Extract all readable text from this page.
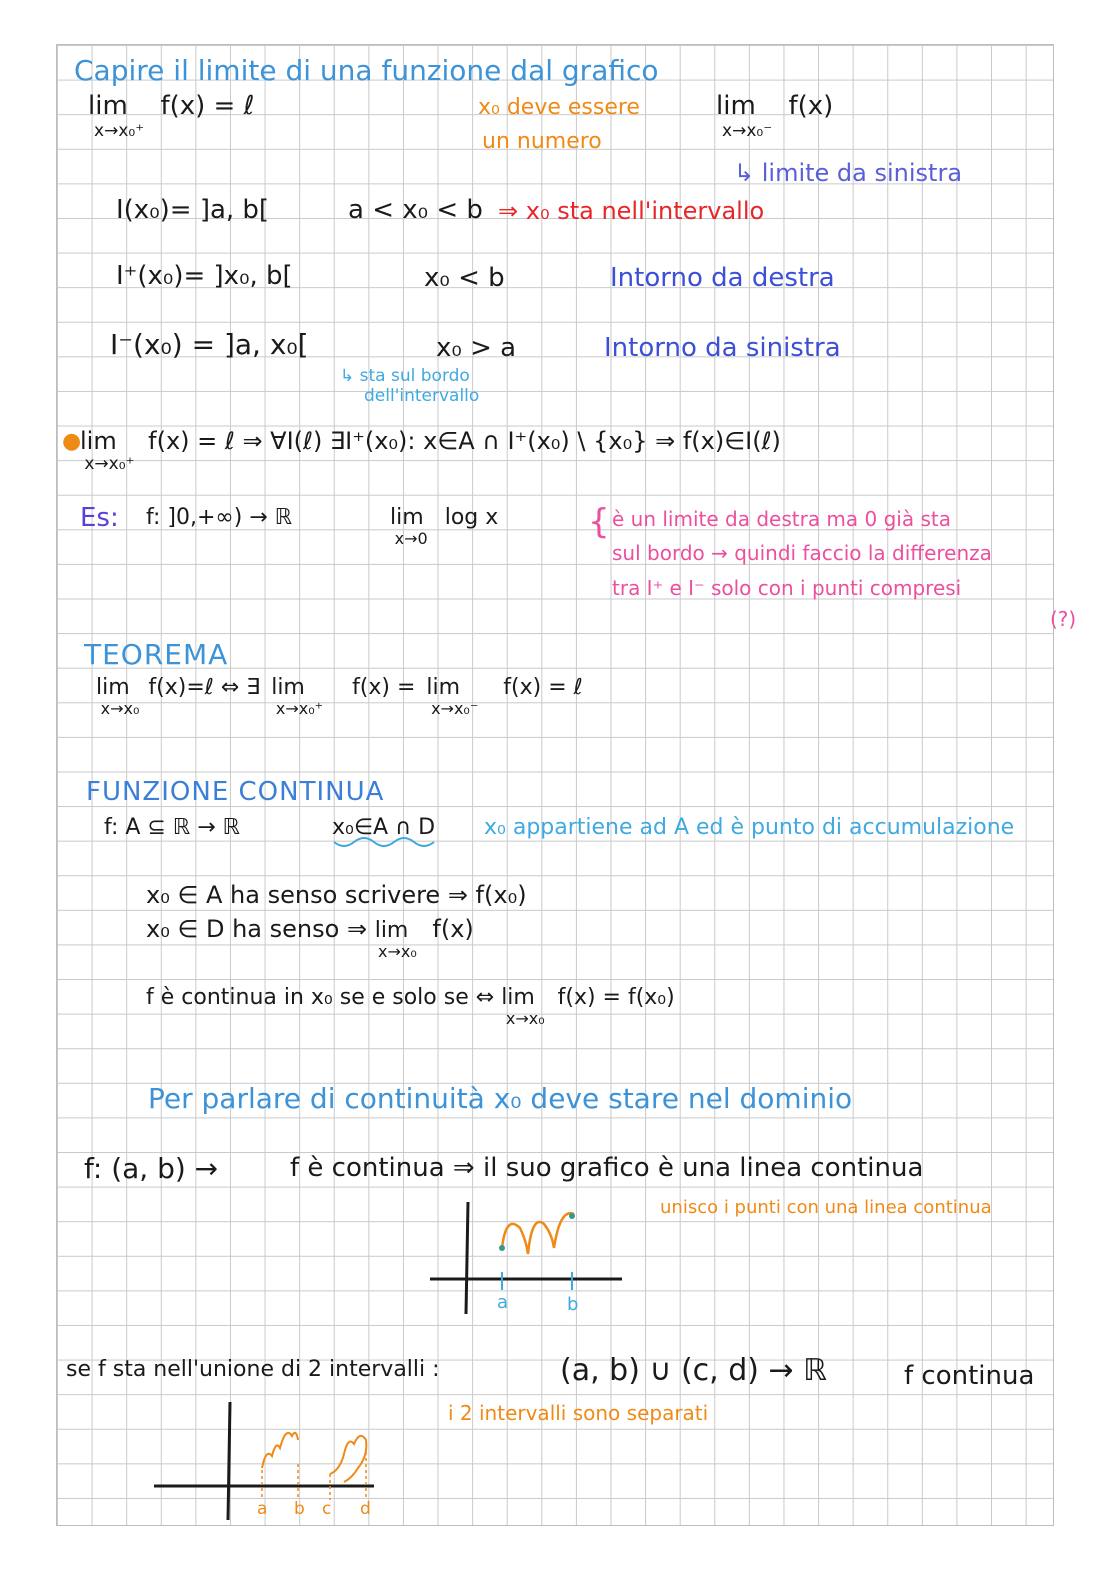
Capire il limite di una funzione dal grafico
lim $_{x\to x_0^+}$ f(x) = ℓ	x₀ deve essere
un numero
lim $_{x\to x_0^-}$ f(x)
↳ limite da sinistra
I(x₀)= ]a, b[	a < x₀ < b ⇒ x₀ sta nell'intervallo
I⁺(x₀)= ]x₀, b[	x₀ < b	Intorno da destra
I⁻(x₀) = ]a, x₀[	x₀ > a	Intorno da sinistra
↳ sta sul bordo
dell'intervallo
●
lim $_{x\to x_0^+}$ f(x) = ℓ ⇒ ∀I(ℓ) ∃I⁺(x₀): x∈A ∩ I⁺(x₀) \ {x₀} ⇒ f(x)∈I(ℓ)
Es: f: ]0,+∞) → ℝ	lim $_{x\to 0}$ log x	{ è un limite da destra ma 0 già sta
sul bordo → quindi faccio la differenza
tra I⁺ e I⁻ solo con i punti compresi
(?)
TEOREMA
lim $_{x\to x_0}$ f(x)=ℓ ⇔ ∃ lim $_{x\to x_0^+}$ f(x) = lim $_{x\to x_0^-}$ f(x) = ℓ
FUNZIONE CONTINUA
f: A ⊆ ℝ → ℝ	x₀∈A ∩ D x₀ appartiene ad A ed è punto di accumulazione
x₀ ∈ A ha senso scrivere ⇒ f(x₀)
x₀ ∈ D ha senso ⇒ lim $_{x\to x_0}$ f(x)
f è continua in x₀ se e solo se ⇔ lim $_{x\to x_0}$ f(x) = f(x₀)
Per parlare di continuità x₀ deve stare nel dominio
f: (a, b) →	f è continua ⇒ il suo grafico è una linea continua
unisco i punti con una linea continua
a	b
se f sta nell'unione di 2 intervalli :	(a, b) ∪ (c, d) → ℝ	f continua
i 2 intervalli sono separati
a b c d
